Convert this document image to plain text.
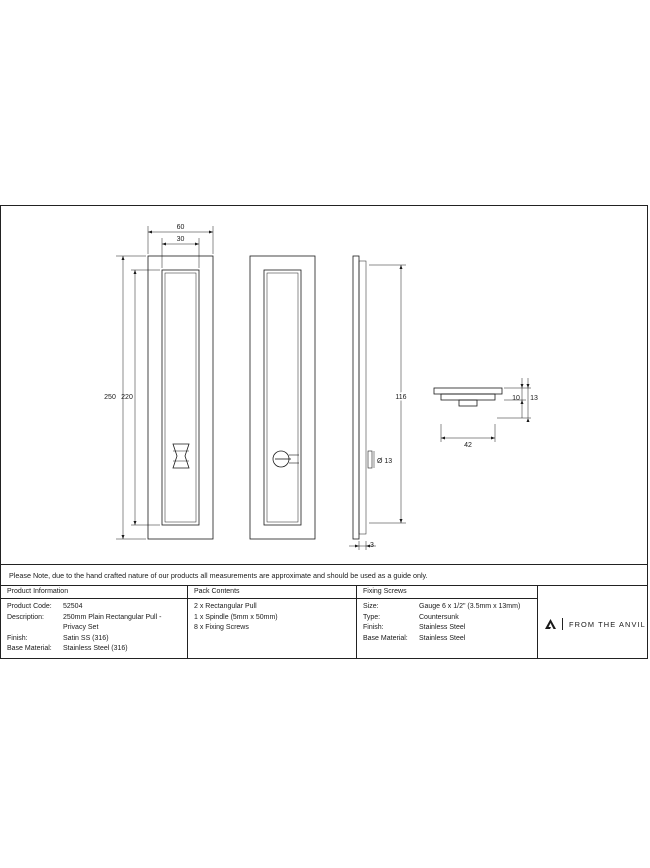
60
30
250 220	116
Ø 13
3
42
10 13
Please Note, due to the hand crafted nature of our products all measurements are approximate and should be used as a guide only.
Product Information
Product Code:	52504
Description:	250mm Plain Rectangular Pull -
Privacy Set
Finish:	Satin SS (316)
Base Material:	Stainless Steel (316)
Pack Contents
2 x Rectangular Pull
1 x Spindle (5mm x 50mm)
8 x Fixing Screws
Fixing Screws
Size:	Gauge 6 x 1/2" (3.5mm x 13mm)
Type:	Countersunk
Finish:	Stainless Steel
Base Material:	Stainless Steel
FROM THE ANVIL
